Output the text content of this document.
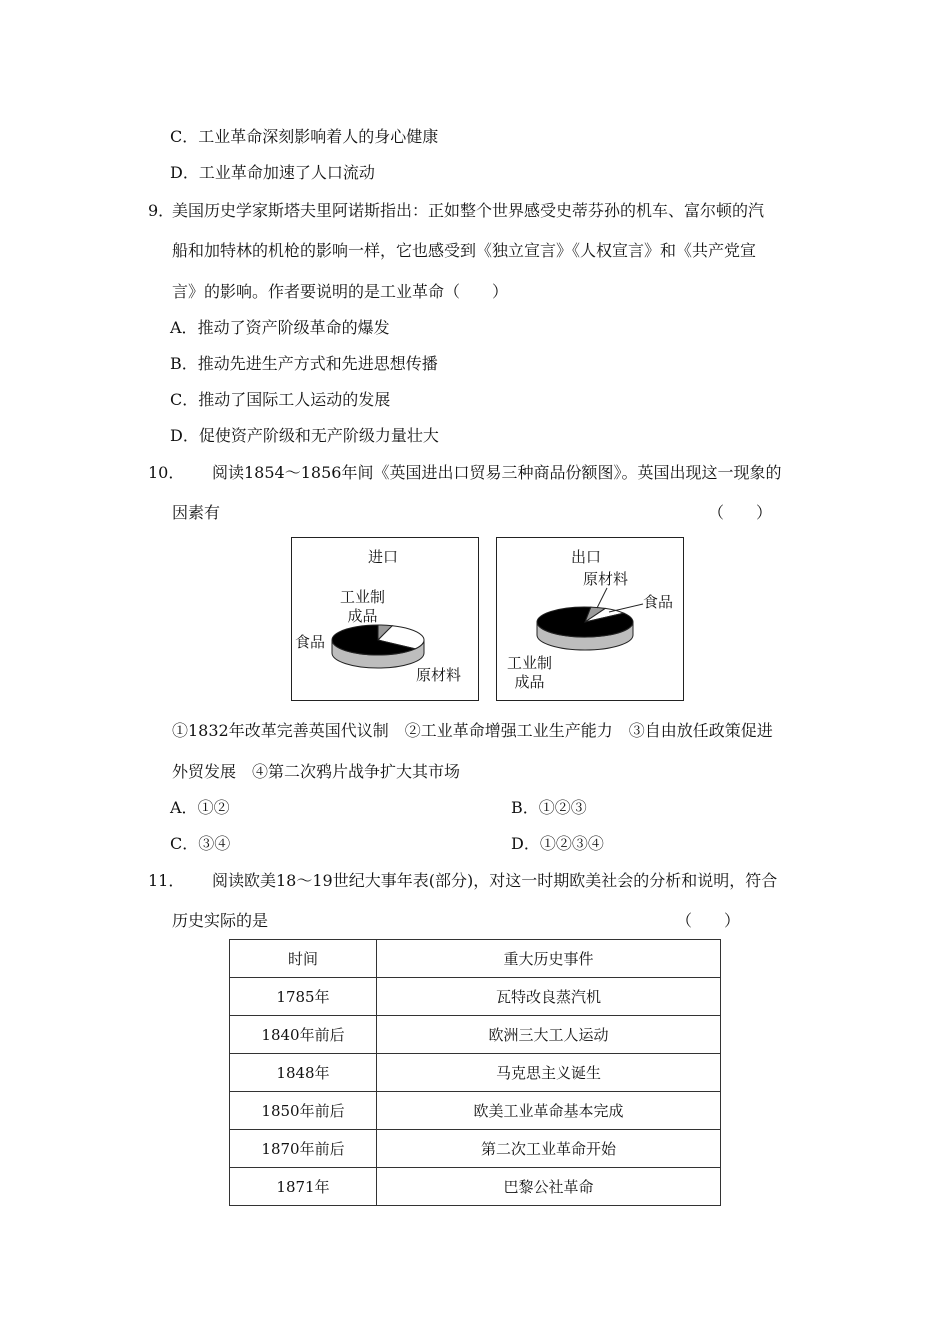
C．工业革命深刻影响着人的身心健康
D．工业革命加速了人口流动
9．
美国历史学家斯塔夫里阿诺斯指出：正如整个世界感受史蒂芬孙的机车、富尔顿的汽
船和加特林的机枪的影响一样，它也感受到《独立宣言》《人权宣言》和《共产党宣
言》的影响。作者要说明的是工业革命（　　）
A．推动了资产阶级革命的爆发
B．推动先进生产方式和先进思想传播
C．推动了国际工人运动的发展
D．促使资产阶级和无产阶级力量壮大
10． 阅读1854～1856年间《英国进出口贸易三种商品份额图》。英国出现这一现象的
因素有	（　　）
进口
工业制
成品
食品
原材料
出口
原材料
食品
工业制
成品
①1832年改革完善英国代议制　②工业革命增强工业生产能力　③自由放任政策促进
外贸发展　④第二次鸦片战争扩大其市场
A．①②	B．①②③
C．③④	D．①②③④
11． 阅读欧美18～19世纪大事年表(部分)，对这一时期欧美社会的分析和说明，符合
历史实际的是	（　　）
时间	重大历史事件
1785年	瓦特改良蒸汽机
1840年前后	欧洲三大工人运动
1848年	马克思主义诞生
1850年前后	欧美工业革命基本完成
1870年前后	第二次工业革命开始
1871年	巴黎公社革命
